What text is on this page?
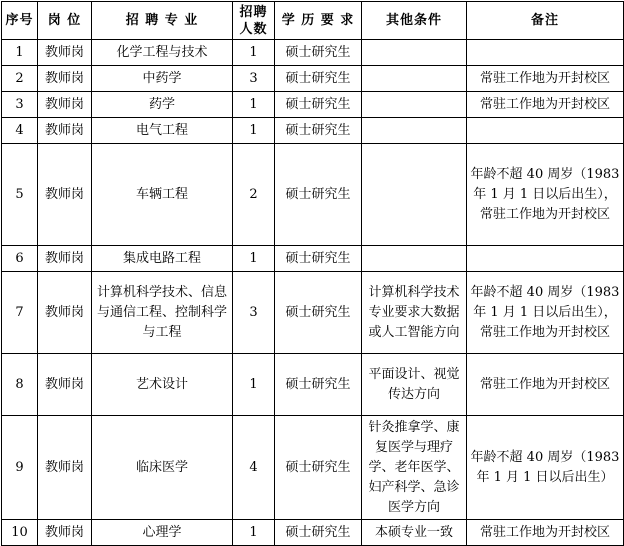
序号	岗 位	招 聘 专 业	招聘人数	学 历 要 求	其他条件	备注
1	教师岗	化学工程与技术	1	硕士研究生		
2	教师岗	中药学	3	硕士研究生		常驻工作地为开封校区
3	教师岗	药学	1	硕士研究生		常驻工作地为开封校区
4	教师岗	电气工程	1	硕士研究生		
5	教师岗	车辆工程	2	硕士研究生		年龄不超 40 周岁（1983 年 1 月 1 日以后出生），常驻工作地为开封校区
6	教师岗	集成电路工程	1	硕士研究生		
7	教师岗	计算机科学技术、信息与通信工程、控制科学与工程	3	硕士研究生	计算机科学技术专业要求大数据或人工智能方向	年龄不超 40 周岁（1983 年 1 月 1 日以后出生），常驻工作地为开封校区
8	教师岗	艺术设计	1	硕士研究生	平面设计、视觉传达方向	常驻工作地为开封校区
9	教师岗	临床医学	4	硕士研究生	针灸推拿学、康复医学与理疗学、老年医学、妇产科学、急诊医学方向	年龄不超 40 周岁（1983 年 1 月 1 日以后出生）
10	教师岗	心理学	1	硕士研究生	本硕专业一致	常驻工作地为开封校区
